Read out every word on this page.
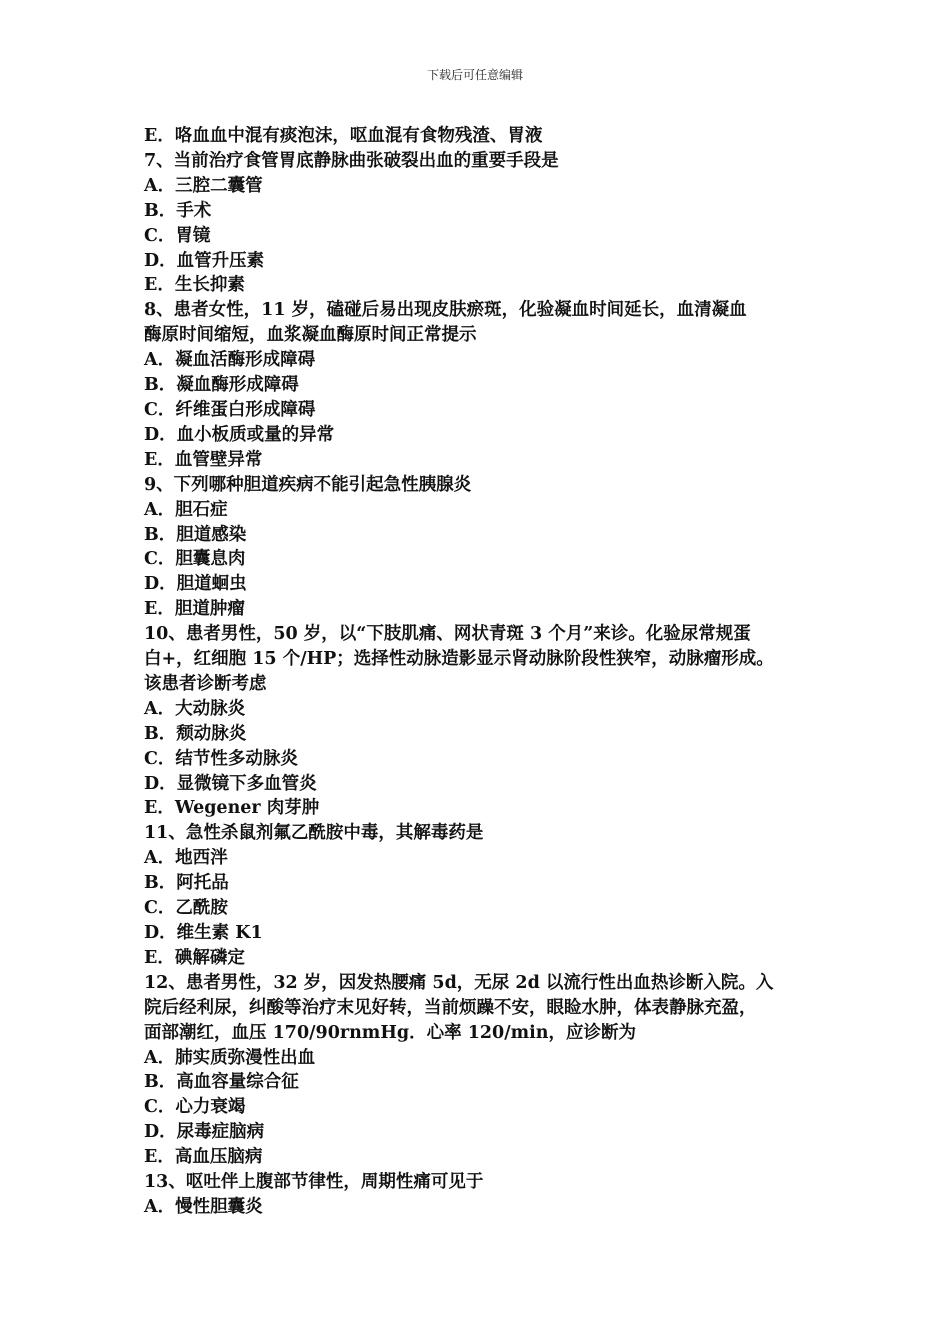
下载后可任意编辑
E．咯血血中混有痰泡沫，呕血混有食物残渣、胃液
7、当前治疗食管胃底静脉曲张破裂出血的重要手段是
A．三腔二囊管
B．手术
C．胃镜
D．血管升压素
E．生长抑素
8、患者女性，11 岁，磕碰后易出现皮肤瘀斑，化验凝血时间延长，血清凝血
酶原时间缩短，血浆凝血酶原时间正常提示
A．凝血活酶形成障碍
B．凝血酶形成障碍
C．纤维蛋白形成障碍
D．血小板质或量的异常
E．血管壁异常
9、下列哪种胆道疾病不能引起急性胰腺炎
A．胆石症
B．胆道感染
C．胆囊息肉
D．胆道蛔虫
E．胆道肿瘤
10、患者男性，50 岁，以“下肢肌痛、网状青斑 3 个月”来诊。化验尿常规蛋
白+，红细胞 15 个/HP；选择性动脉造影显示肾动脉阶段性狭窄，动脉瘤形成。
该患者诊断考虑
A．大动脉炎
B．颓动脉炎
C．结节性多动脉炎
D．显微镜下多血管炎
E．Wegener 肉芽肿
11、急性杀鼠剂氟乙酰胺中毒，其解毒药是
A．地西泮
B．阿托品
C．乙酰胺
D．维生素 K1
E．碘解磷定
12、患者男性，32 岁，因发热腰痛 5d，无尿 2d 以流行性出血热诊断入院。入
院后经利尿，纠酸等治疗末见好转，当前烦躁不安，眼睑水肿，体表静脉充盈，
面部潮红，血压 170/90rnmHg．心率 120/min，应诊断为
A．肺实质弥漫性出血
B．高血容量综合征
C．心力衰竭
D．尿毒症脑病
E．高血压脑病
13、呕吐伴上腹部节律性，周期性痛可见于
A．慢性胆囊炎
